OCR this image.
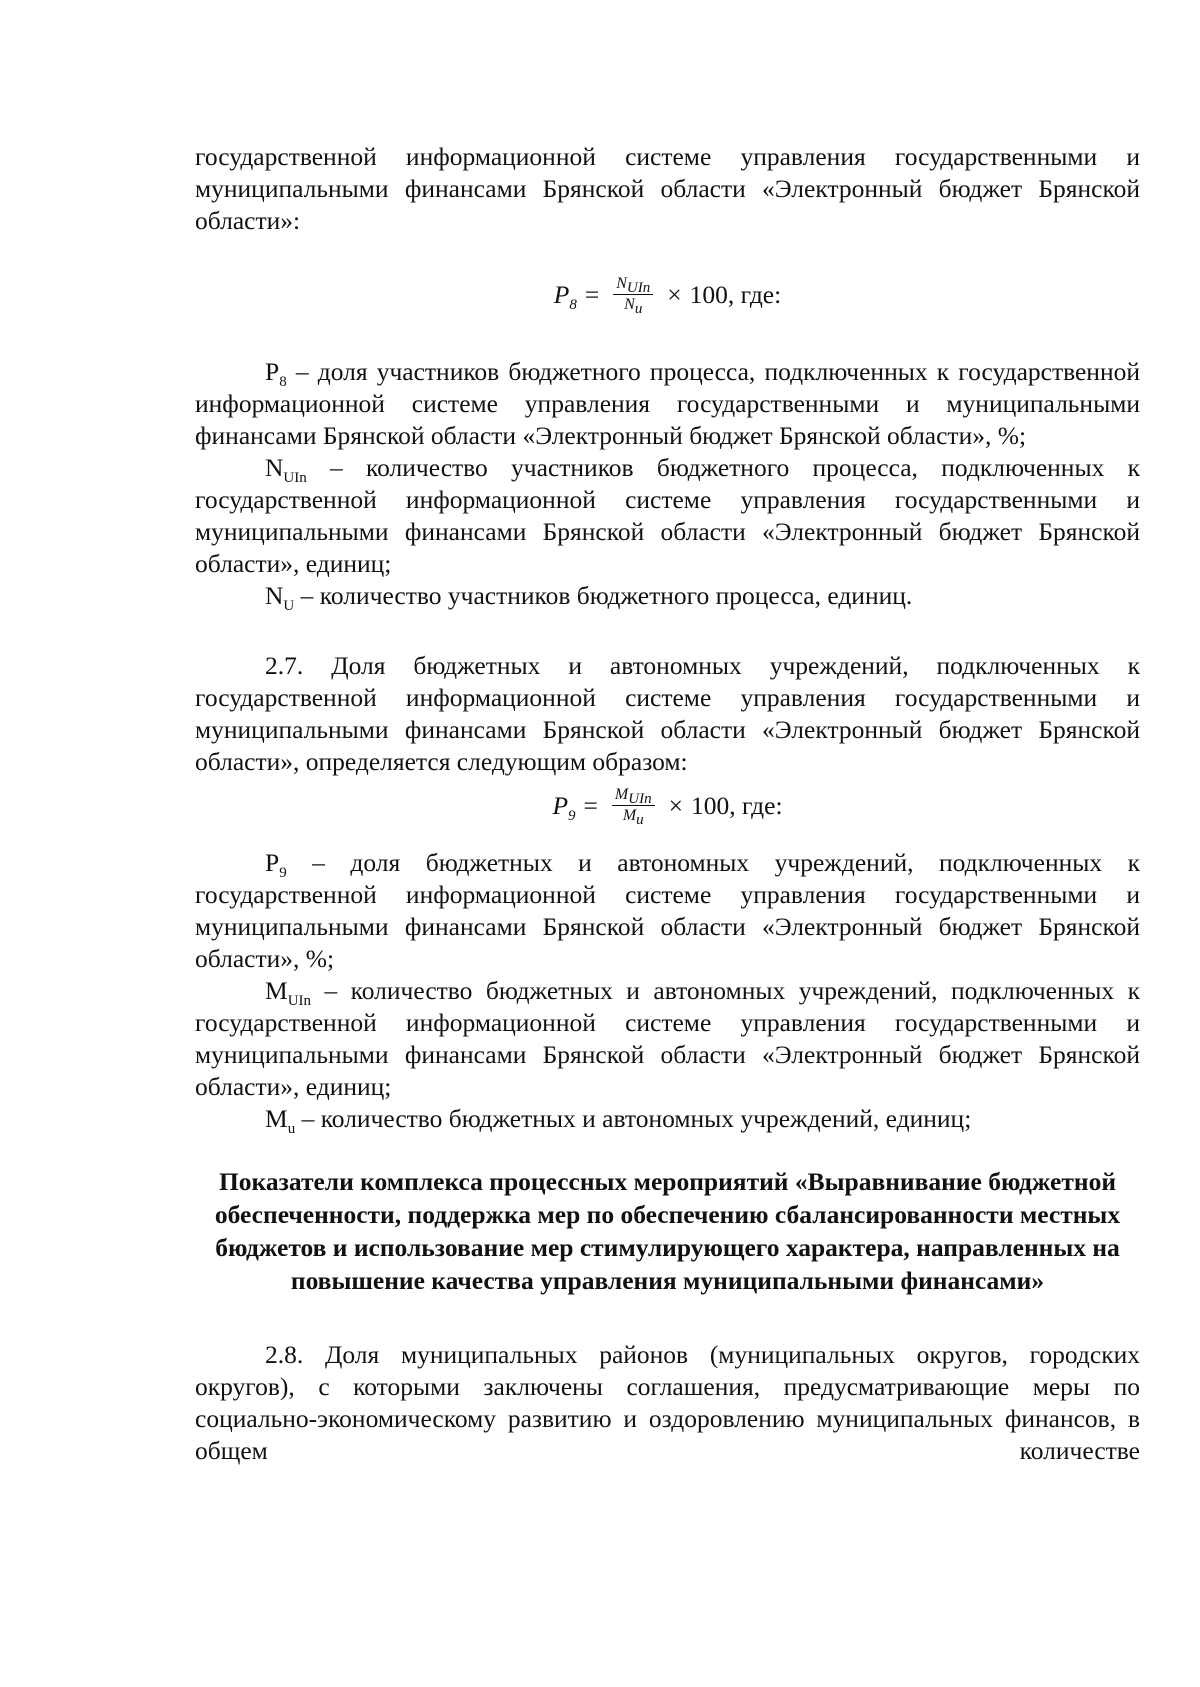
государственной информационной системе управления государственными и муниципальными финансами Брянской области «Электронный бюджет Брянской области»:

$P_8 = \frac{N_{UIn}}{N_u} \times 100$, где:

$Р_8$ – доля участников бюджетного процесса, подключенных к государственной информационной системе управления государственными и муниципальными финансами Брянской области «Электронный бюджет Брянской области», %;

$N_{UIn}$ – количество участников бюджетного процесса, подключенных к государственной информационной системе управления государственными и муниципальными финансами Брянской области «Электронный бюджет Брянской области», единиц;

$N_U$ – количество участников бюджетного процесса, единиц.

2.7. Доля бюджетных и автономных учреждений, подключенных к государственной информационной системе управления государственными и муниципальными финансами Брянской области «Электронный бюджет Брянской области», определяется следующим образом:

$P_9 = \frac{M_{UIn}}{M_u} \times 100$, где:

$Р_9$ – доля бюджетных и автономных учреждений, подключенных к государственной информационной системе управления государственными и муниципальными финансами Брянской области «Электронный бюджет Брянской области», %;

$M_{UIn}$ – количество бюджетных и автономных учреждений, подключенных к государственной информационной системе управления государственными и муниципальными финансами Брянской области «Электронный бюджет Брянской области», единиц;

$M_u$ – количество бюджетных и автономных учреждений, единиц;

Показатели комплекса процессных мероприятий «Выравнивание бюджетной обеспеченности, поддержка мер по обеспечению сбалансированности местных бюджетов и использование мер стимулирующего характера, направленных на повышение качества управления муниципальными финансами»

2.8. Доля муниципальных районов (муниципальных округов, городских округов), с которыми заключены соглашения, предусматривающие меры по социально-экономическому развитию и оздоровлению муниципальных финансов, в общем количестве
